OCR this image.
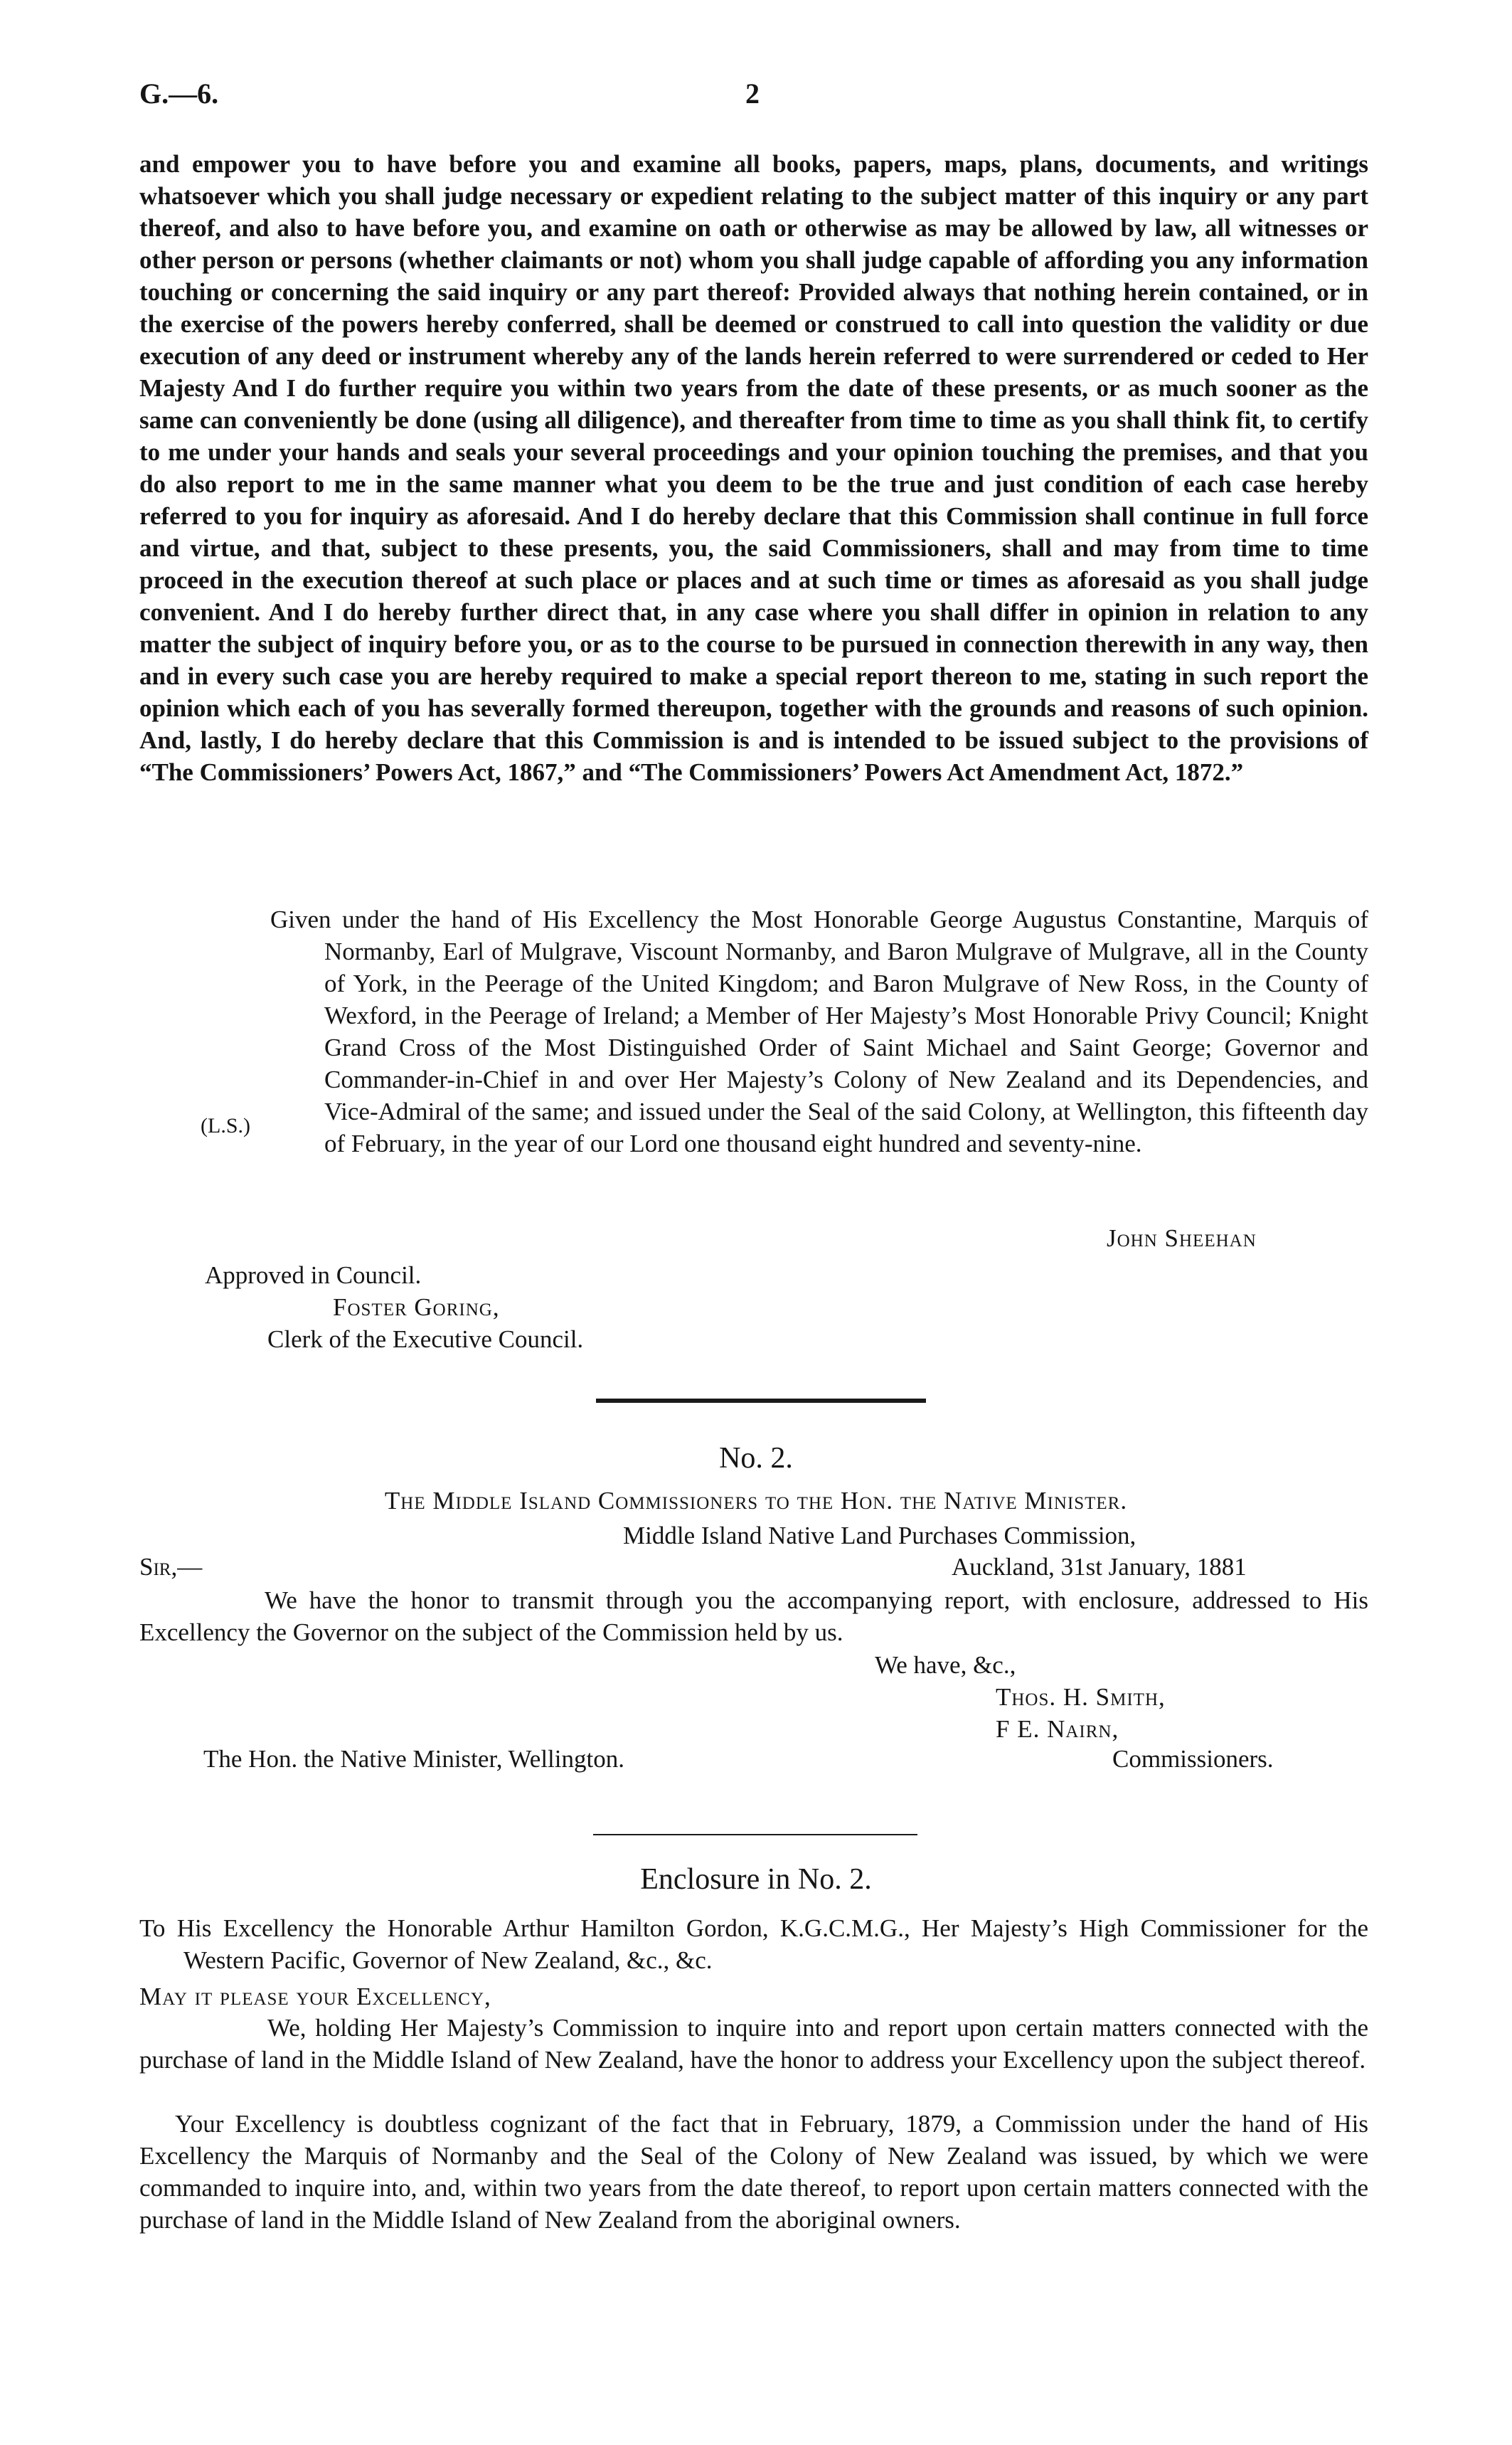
G.—6.	2
and empower you to have before you and examine all books, papers, maps, plans, documents, and writings whatsoever which you shall judge necessary or expedient relating to the subject matter of this inquiry or any part thereof, and also to have before you, and examine on oath or otherwise as may be allowed by law, all witnesses or other person or persons (whether claimants or not) whom you shall judge capable of affording you any information touching or concerning the said inquiry or any part thereof: Provided always that nothing herein contained, or in the exercise of the powers hereby conferred, shall be deemed or construed to call into question the validity or due execution of any deed or instrument whereby any of the lands herein referred to were surrendered or ceded to Her Majesty And I do further require you within two years from the date of these presents, or as much sooner as the same can conveniently be done (using all diligence), and thereafter from time to time as you shall think fit, to certify to me under your hands and seals your several proceedings and your opinion touching the premises, and that you do also report to me in the same manner what you deem to be the true and just condition of each case hereby referred to you for inquiry as aforesaid. And I do hereby declare that this Commission shall continue in full force and virtue, and that, subject to these presents, you, the said Commissioners, shall and may from time to time proceed in the execution thereof at such place or places and at such time or times as aforesaid as you shall judge convenient. And I do hereby further direct that, in any case where you shall differ in opinion in relation to any matter the subject of inquiry before you, or as to the course to be pursued in connection therewith in any way, then and in every such case you are hereby required to make a special report thereon to me, stating in such report the opinion which each of you has severally formed thereupon, together with the grounds and reasons of such opinion. And, lastly, I do hereby declare that this Commission is and is intended to be issued subject to the provisions of “The Commissioners’ Powers Act, 1867,” and “The Commissioners’ Powers Act Amendment Act, 1872.”
(L.S.)
Given under the hand of His Excellency the Most Honorable George Augustus Constantine, Marquis of Normanby, Earl of Mulgrave, Viscount Normanby, and Baron Mulgrave of Mulgrave, all in the County of York, in the Peerage of the United Kingdom; and Baron Mulgrave of New Ross, in the County of Wexford, in the Peerage of Ireland; a Member of Her Majesty’s Most Honorable Privy Council; Knight Grand Cross of the Most Distinguished Order of Saint Michael and Saint George; Governor and Commander-in-Chief in and over Her Majesty’s Colony of New Zealand and its Dependencies, and Vice-Admiral of the same; and issued under the Seal of the said Colony, at Wellington, this fifteenth day of February, in the year of our Lord one thousand eight hundred and seventy-nine.
John Sheehan
Approved in Council.
Foster Goring,
Clerk of the Executive Council.
No. 2.
The Middle Island Commissioners to the Hon. the Native Minister.
Middle Island Native Land Purchases Commission,
Sir,—	Auckland, 31st January, 1881
We have the honor to transmit through you the accompanying report, with enclosure, addressed to His Excellency the Governor on the subject of the Commission held by us.
We have, &c.,
Thos. H. Smith,
F E. Nairn,
The Hon. the Native Minister, Wellington.	Commissioners.
Enclosure in No. 2.
To His Excellency the Honorable Arthur Hamilton Gordon, K.G.C.M.G., Her Majesty’s High Commissioner for the Western Pacific, Governor of New Zealand, &c., &c.
May it please your Excellency,
We, holding Her Majesty’s Commission to inquire into and report upon certain matters connected with the purchase of land in the Middle Island of New Zealand, have the honor to address your Excellency upon the subject thereof.
Your Excellency is doubtless cognizant of the fact that in February, 1879, a Commission under the hand of His Excellency the Marquis of Normanby and the Seal of the Colony of New Zealand was issued, by which we were commanded to inquire into, and, within two years from the date thereof, to report upon certain matters connected with the purchase of land in the Middle Island of New Zealand from the aboriginal owners.
